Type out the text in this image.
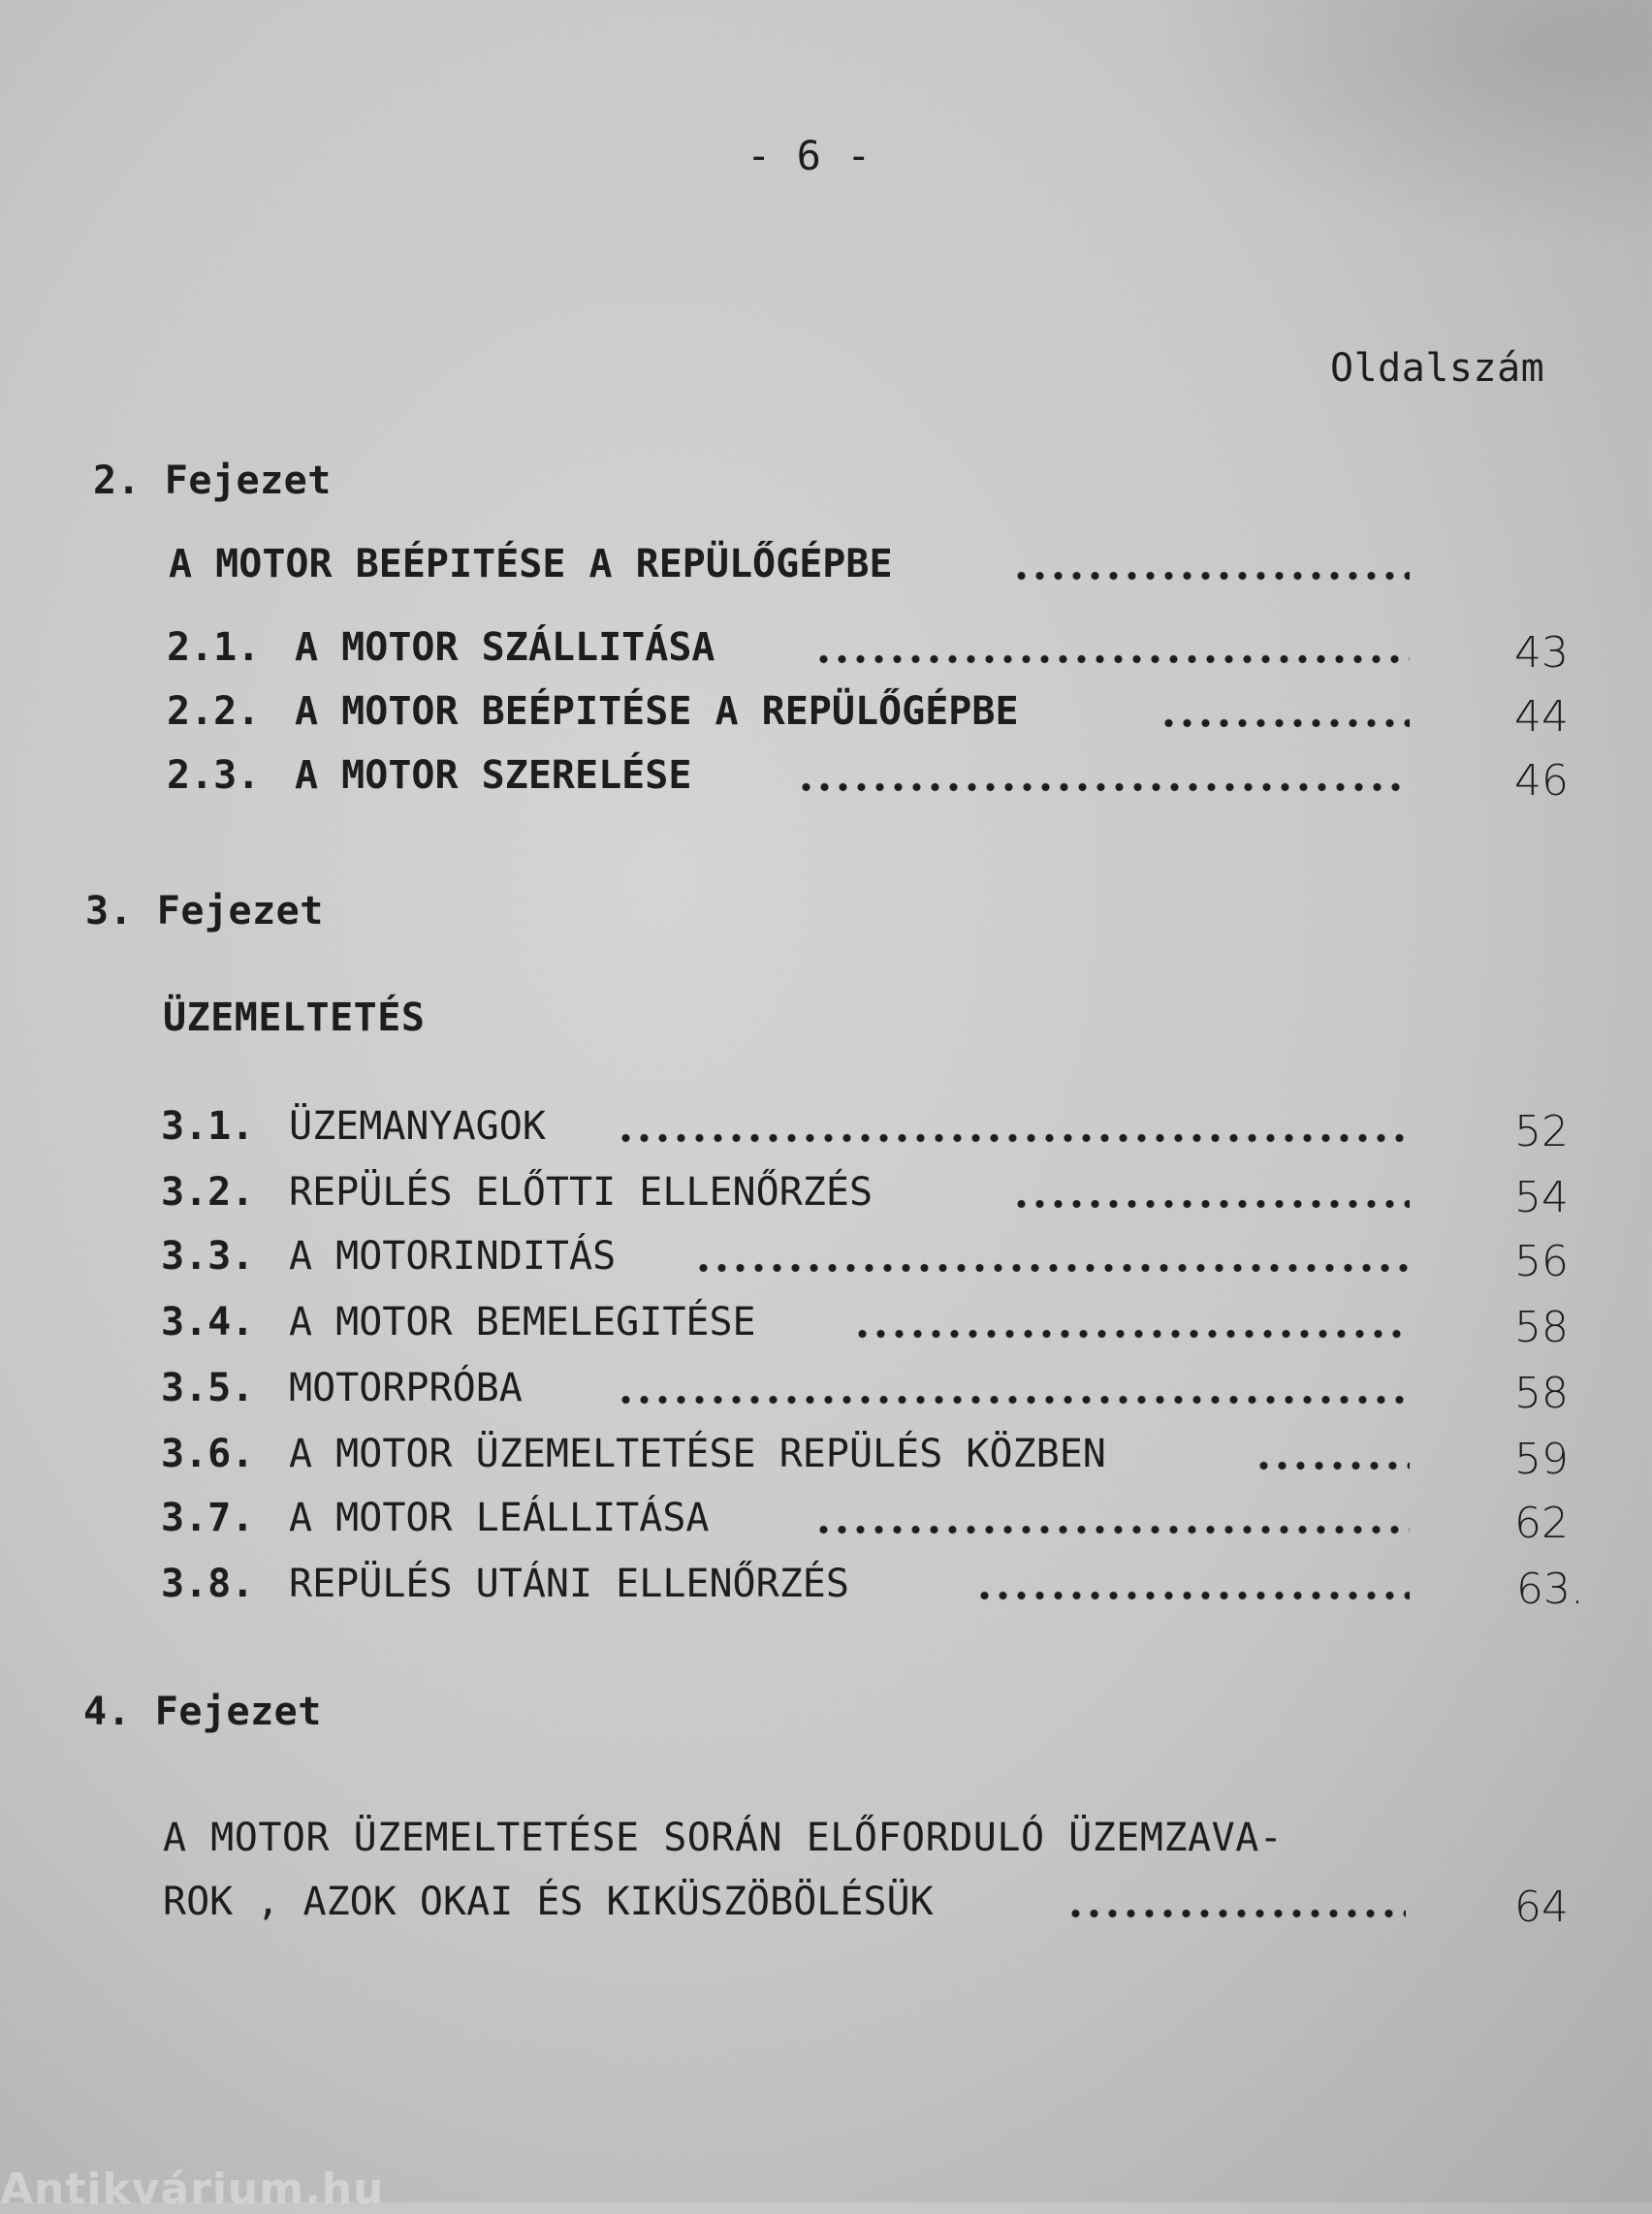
- 6 -
Oldalszám
2. Fejezet
A MOTOR BEÉPITÉSE A REPÜLŐGÉPBE
2.1. A MOTOR SZÁLLITÁSA	43
2.2. A MOTOR BEÉPITÉSE A REPÜLŐGÉPBE	44
2.3. A MOTOR SZERELÉSE	46
3. Fejezet
ÜZEMELTETÉS
3.1. ÜZEMANYAGOK	52
3.2. REPÜLÉS ELŐTTI ELLENŐRZÉS	54
3.3. A MOTORINDITÁS	56
3.4. A MOTOR BEMELEGITÉSE	58
3.5. MOTORPRÓBA	58
3.6. A MOTOR ÜZEMELTETÉSE REPÜLÉS KÖZBEN	59
3.7. A MOTOR LEÁLLITÁSA	62
3.8. REPÜLÉS UTÁNI ELLENŐRZÉS	63.
4. Fejezet
A MOTOR ÜZEMELTETÉSE SORÁN ELŐFORDULÓ ÜZEMZAVA-
ROK , AZOK OKAI ÉS KIKÜSZÖBÖLÉSÜK	64
Antikvárium.hu
